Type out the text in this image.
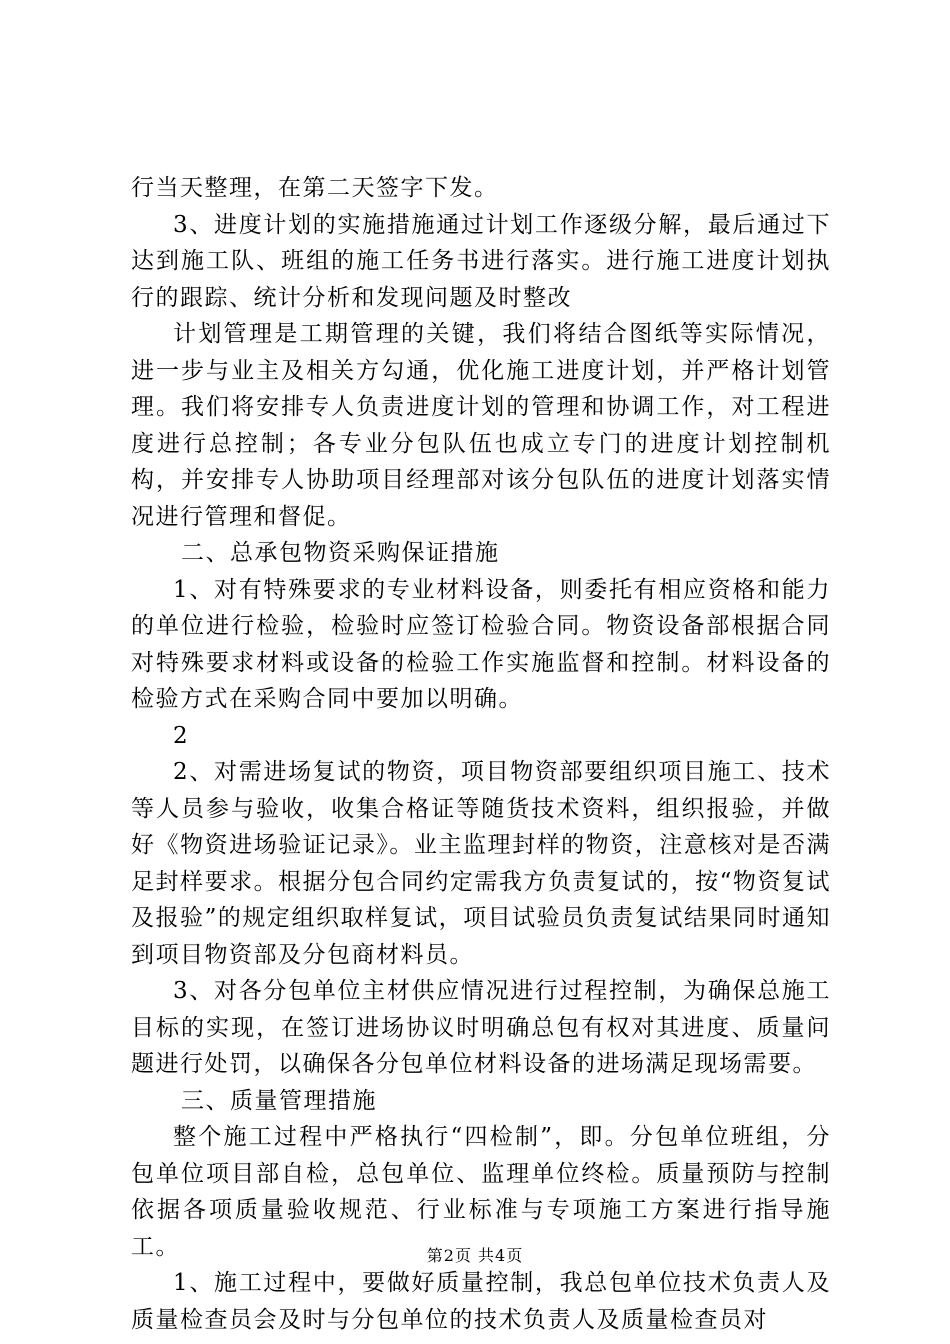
行当天整理，在第二天签字下发。

3、进度计划的实施措施通过计划工作逐级分解，最后通过下达到施工队、班组的施工任务书进行落实。进行施工进度计划执行的跟踪、统计分析和发现问题及时整改

计划管理是工期管理的关键，我们将结合图纸等实际情况，进一步与业主及相关方勾通，优化施工进度计划，并严格计划管理。我们将安排专人负责进度计划的管理和协调工作，对工程进度进行总控制；各专业分包队伍也成立专门的进度计划控制机构，并安排专人协助项目经理部对该分包队伍的进度计划落实情况进行管理和督促。

二、总承包物资采购保证措施

1、对有特殊要求的专业材料设备，则委托有相应资格和能力的单位进行检验，检验时应签订检验合同。物资设备部根据合同对特殊要求材料或设备的检验工作实施监督和控制。材料设备的检验方式在采购合同中要加以明确。

2

2、对需进场复试的物资，项目物资部要组织项目施工、技术等人员参与验收，收集合格证等随货技术资料，组织报验，并做好《物资进场验证记录》。业主监理封样的物资，注意核对是否满足封样要求。根据分包合同约定需我方负责复试的，按“物资复试及报验”的规定组织取样复试，项目试验员负责复试结果同时通知到项目物资部及分包商材料员。

3、对各分包单位主材供应情况进行过程控制，为确保总施工目标的实现，在签订进场协议时明确总包有权对其进度、质量问题进行处罚，以确保各分包单位材料设备的进场满足现场需要。

三、质量管理措施

整个施工过程中严格执行“四检制”，即。分包单位班组，分包单位项目部自检，总包单位、监理单位终检。质量预防与控制依据各项质量验收规范、行业标准与专项施工方案进行指导施工。

1、施工过程中，要做好质量控制，我总包单位技术负责人及质量检查员会及时与分包单位的技术负责人及质量检查员对

第2页 共4页
